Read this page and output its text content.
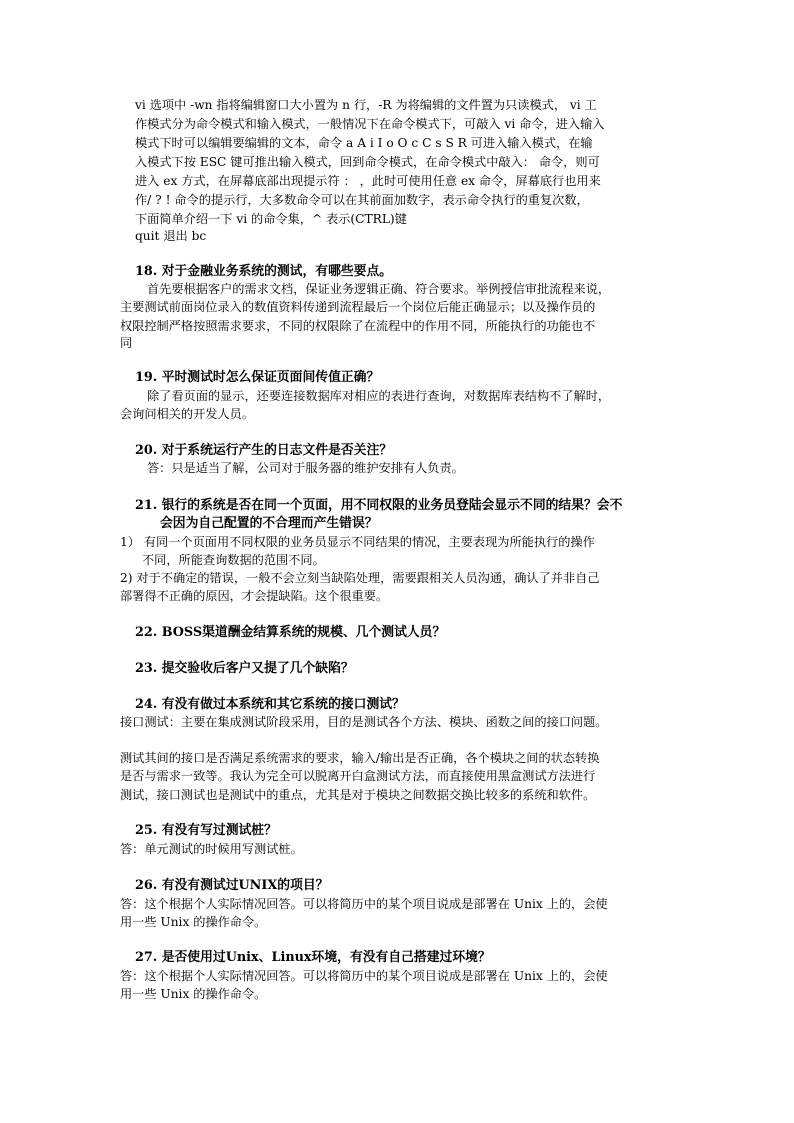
vi 选项中 -wn 指将编辑窗口大小置为 n 行，-R 为将编辑的文件置为只读模式， vi 工
作模式分为命令模式和输入模式，一般情况下在命令模式下，可敲入 vi 命令，进入输入
模式下时可以编辑要编辑的文本，命令 a A i I o O c C s S R 可进入输入模式，在输
入模式下按 ESC 键可推出输入模式，回到命令模式，在命令模式中敲入： 命令，则可
进入 ex 方式，在屏幕底部出现提示符 ： ，此时可使用任意 ex 命令，屏幕底行也用来
作/ ? ! 命令的提示行，大多数命令可以在其前面加数字，表示命令执行的重复次数，
下面简单介绍一下 vi 的命令集，^ 表示(CTRL)键
quit 退出 bc
18. 对于金融业务系统的测试，有哪些要点。
首先要根据客户的需求文档，保证业务逻辑正确、符合要求。举例授信审批流程来说，
主要测试前面岗位录入的数值资料传递到流程最后一个岗位后能正确显示；以及操作员的
权限控制严格按照需求要求，不同的权限除了在流程中的作用不同，所能执行的功能也不
同
19. 平时测试时怎么保证页面间传值正确？
除了看页面的显示，还要连接数据库对相应的表进行查询，对数据库表结构不了解时，
会询问相关的开发人员。
20. 对于系统运行产生的日志文件是否关注？
答：只是适当了解，公司对于服务器的维护安排有人负责。
21. 银行的系统是否在同一个页面，用不同权限的业务员登陆会显示不同的结果？会不
会因为自己配置的不合理而产生错误？
1） 有同一个页面用不同权限的业务员显示不同结果的情况，主要表现为所能执行的操作
不同，所能查询数据的范围不同。
2) 对于不确定的错误，一般不会立刻当缺陷处理，需要跟相关人员沟通，确认了并非自己
部署得不正确的原因，才会提缺陷。这个很重要。
22. BOSS渠道酬金结算系统的规模、几个测试人员？
23. 提交验收后客户又提了几个缺陷？
24. 有没有做过本系统和其它系统的接口测试？
接口测试：主要在集成测试阶段采用，目的是测试各个方法、模块、函数之间的接口问题。
测试其间的接口是否满足系统需求的要求，输入/输出是否正确，各个模块之间的状态转换
是否与需求一致等。我认为完全可以脱离开白盒测试方法，而直接使用黑盒测试方法进行
测试，接口测试也是测试中的重点，尤其是对于模块之间数据交换比较多的系统和软件。
25. 有没有写过测试桩？
答：单元测试的时候用写测试桩。
26. 有没有测试过UNIX的项目？
答：这个根据个人实际情况回答。可以将简历中的某个项目说成是部署在 Unix 上的，会使
用一些 Unix 的操作命令。
27. 是否使用过Unix、Linux环境，有没有自己搭建过环境？
答：这个根据个人实际情况回答。可以将简历中的某个项目说成是部署在 Unix 上的，会使
用一些 Unix 的操作命令。
